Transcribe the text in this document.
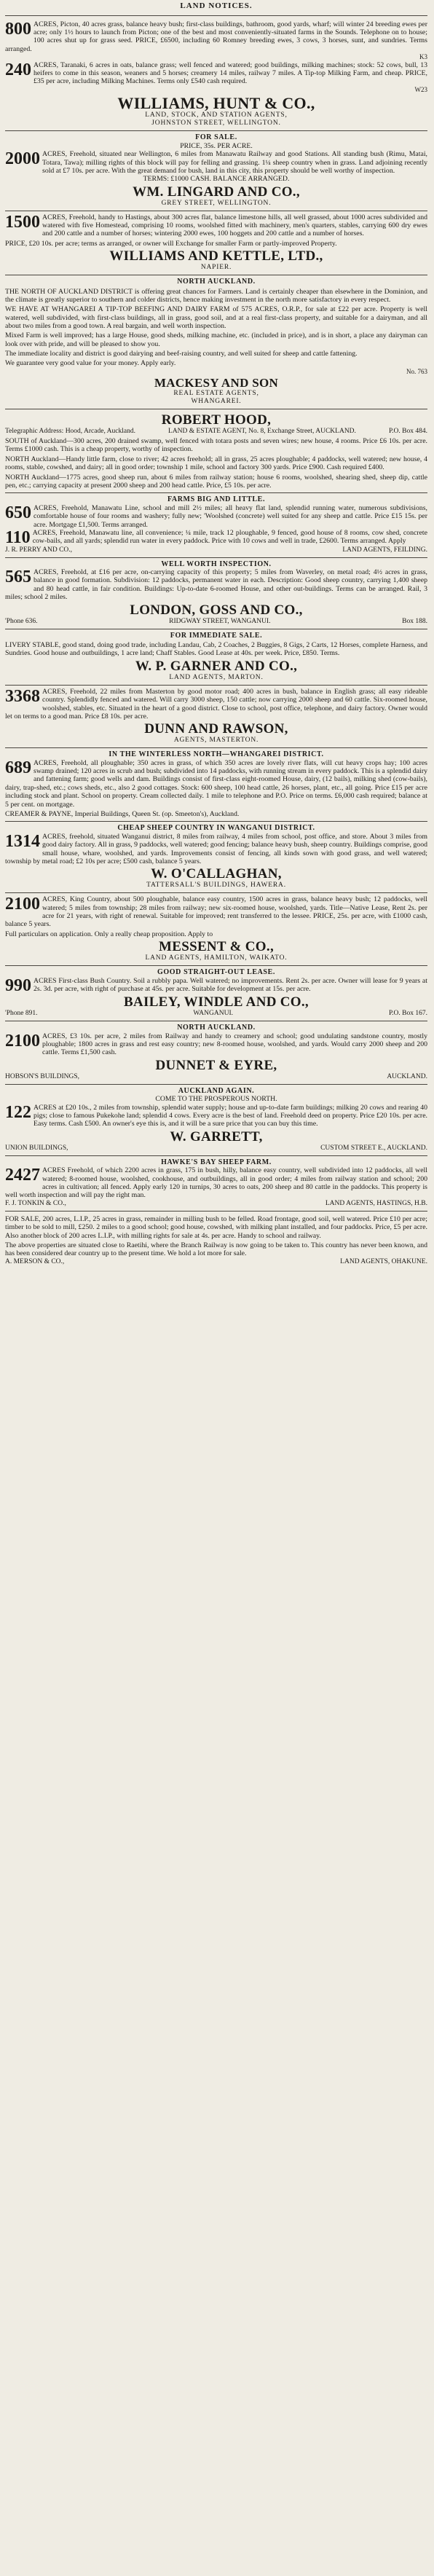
LAND NOTICES.
800 ACRES, Picton, 40 acres grass, balance heavy bush; first-class buildings, bathroom, good yards, wharf; will winter 24 breeding ewes per acre; only 1½ hours to launch from Picton; one of the best and most conveniently-situated farms in the Sounds. Telephone on to house; 100 acres shut up for grass seed. PRICE, £6500, including 60 Romney breeding ewes, 3 cows, 3 horses, sunt, and sundries. Terms arranged.
K3
240 ACRES, Taranaki, 6 acres in oats, balance grass; well fenced and watered; good buildings, milking machines; stock: 52 cows, bull, 13 heifers to come in this season, weaners and 5 horses; creamery 14 miles, railway 7 miles. A Tip-top Milking Farm, and cheap. PRICE, £35 per acre, including Milking Machines. Terms only £540 cash required.
W23
WILLIAMS, HUNT & CO.,
LAND, STOCK, AND STATION AGENTS,
JOHNSTON STREET, WELLINGTON.
FOR SALE.
PRICE, 35s. PER ACRE.
2000 ACRES, Freehold, situated near Wellington, 6 miles from Manawatu Railway and good Stations. All standing bush (Rimu, Matai, Totara, Tawa); milling rights of this block will pay for felling and grassing. 1¼ sheep country when in grass. Land adjoining recently sold at £7 10s. per acre. With the great demand for bush, land in this city, this property should be well worthy of inspection.
TERMS: £1000 CASH. BALANCE ARRANGED.
WM. LINGARD AND CO.,
GREY STREET, WELLINGTON.
1500 ACRES, Freehold, handy to Hastings, about 300 acres flat, balance limestone hills, all well grassed, about 1000 acres subdivided and watered with five Homestead, comprising 10 rooms, woolshed fitted with machinery, men's quarters, stables, carrying 600 dry ewes and 200 cattle and a number of horses; wintering 2000 ewes, 100 hoggets and 200 cattle and a number of horses.
PRICE, £20 10s. per acre; terms as arranged, or owner will Exchange for smaller Farm or partly-improved Property.
WILLIAMS AND KETTLE, LTD.,
NAPIER.
NORTH AUCKLAND.
THE NORTH OF AUCKLAND DISTRICT is offering great chances for Farmers. Land is certainly cheaper than elsewhere in the Dominion, and the climate is greatly superior to southern and colder districts, hence making investment in the north more satisfactory in every respect.
WE HAVE AT WHANGAREI A TIP-TOP BEEFING AND DAIRY FARM of 575 ACRES, O.R.P., for sale at £22 per acre. Property is well watered, well subdivided, with first-class buildings, all in grass, good soil, and at a real first-class property, and suitable for a dairyman, and all about two miles from a good town. A real bargain, and well worth inspection.
Mixed Farm is well improved; has a large House, good sheds, milking machine, etc. (included in price), and is in short, a place any dairyman can look over with pride, and will be pleased to show you.
The immediate locality and district is good dairying and beef-raising country, and well suited for sheep and cattle fattening.
We guarantee very good value for your money. Apply early.
No. 763
MACKESY AND SON
REAL ESTATE AGENTS,
WHANGAREI.
ROBERT HOOD,
Telegraphic Address: Hood, Arcade, Auckland.	LAND & ESTATE AGENT, No. 8, Exchange Street, AUCKLAND.	P.O. Box 484.
SOUTH of Auckland—300 acres, 200 drained swamp, well fenced with totara posts and seven wires; new house, 4 rooms. Price £6 10s. per acre. Terms £1000 cash. This is a cheap property, worthy of inspection.
NORTH Auckland—Handy little farm, close to river; 42 acres freehold; all in grass, 25 acres ploughable; 4 paddocks, well watered; new house, 4 rooms, stable, cowshed, and dairy; all in good order; township 1 mile, school and factory 300 yards. Price £900. Cash required £400.
NORTH Auckland—1775 acres, good sheep run, about 6 miles from railway station; house 6 rooms, woolshed, shearing shed, sheep dip, cattle pen, etc.; carrying capacity at present 2000 sheep and 200 head cattle. Price, £5 10s. per acre.
FARMS BIG AND LITTLE.
650 ACRES, Freehold, Manawatu Line, school and mill 2½ miles; all heavy flat land, splendid running water, numerous subdivisions, comfortable house of four rooms and washery; fully new; 'Woolshed (concrete) well suited for any sheep and cattle. Price £15 15s. per acre. Mortgage £1,500. Terms arranged.
110 ACRES, Freehold, Manawatu line, all convenience; ¼ mile, track 12 ploughable, 9 fenced, good house of 8 rooms, cow shed, concrete cow-bails, and all yards; splendid run water in every paddock. Price with 10 cows and well in trade, £2600. Terms arranged. Apply
J. R. PERRY AND CO.,	LAND AGENTS, FEILDING.
WELL WORTH INSPECTION.
565 ACRES, Freehold, at £16 per acre, on-carrying capacity of this property; 5 miles from Waverley, on metal road; 4½ acres in grass, balance in good formation. Subdivision: 12 paddocks, permanent water in each. Description: Good sheep country, carrying 1,400 sheep and 80 head cattle, in fair condition. Buildings: Up-to-date 6-roomed House, and other out-buildings. Terms can be arranged. Rail, 3 miles; school 2 miles.
LONDON, GOSS AND CO.,
'Phone 636.	RIDGWAY STREET, WANGANUI.	Box 188.
FOR IMMEDIATE SALE.
LIVERY STABLE, good stand, doing good trade, including Landau, Cab, 2 Coaches, 2 Buggies, 8 Gigs, 2 Carts, 12 Horses, complete Harness, and Sundries. Good house and outbuildings, 1 acre land; Chaff Stables. Good Lease at 40s. per week. Price, £850. Terms.
W. P. GARNER AND CO.,
LAND AGENTS, MARTON.
3368 ACRES, Freehold, 22 miles from Masterton by good motor road; 400 acres in bush, balance in English grass; all easy rideable country. Splendidly fenced and watered. Will carry 3000 sheep, 150 cattle; now carrying 2000 sheep and 60 cattle. Six-roomed house, woolshed, stables, etc. Situated in the heart of a good district. Close to school, post office, telephone, and dairy factory. Owner would let on terms to a good man. Price £8 10s. per acre.
DUNN AND RAWSON,
AGENTS, MASTERTON.
IN THE WINTERLESS NORTH—WHANGAREI DISTRICT.
689 ACRES, Freehold, all ploughable; 350 acres in grass, of which 350 acres are lovely river flats, will cut heavy crops hay; 100 acres swamp drained; 120 acres in scrub and bush; subdivided into 14 paddocks, with running stream in every paddock. This is a splendid dairy and fattening farm; good wells and dam. Buildings consist of first-class eight-roomed House, dairy, (12 bails), milking shed (cow-bails), dairy, trap-shed, etc.; cows sheds, etc., also 2 good cottages. Stock: 600 sheep, 100 head cattle, 26 horses, plant, etc., all going. Price £15 per acre including stock and plant. School on property. Cream collected daily. 1 mile to telephone and P.O. Price on terms. £6,000 cash required; balance at 5 per cent. on mortgage.
CREAMER & PAYNE, Imperial Buildings, Queen St. (op. Smeeton's), Auckland.
CHEAP SHEEP COUNTRY IN WANGANUI DISTRICT.
1314 ACRES, freehold, situated Wanganui district, 8 miles from railway, 4 miles from school, post office, and store. About 3 miles from good dairy factory. All in grass, 9 paddocks, well watered; good fencing; balance heavy bush, sheep country. Buildings comprise, good small house, whare, woolshed, and yards. Improvements consist of fencing, all kinds sown with good grass, and well watered; township by metal road; £2 10s per acre; £500 cash, balance 5 years.
W. O'CALLAGHAN,
TATTERSALL'S BUILDINGS, HAWERA.
2100 ACRES, King Country, about 500 ploughable, balance easy country, 1500 acres in grass, balance heavy bush; 12 paddocks, well watered; 5 miles from township; 28 miles from railway; new six-roomed house, woolshed, yards. Title—Native Lease, Rent 2s. per acre for 21 years, with right of renewal. Suitable for improved; rent transferred to the lessee. PRICE, 25s. per acre, with £1000 cash, balance 5 years.
Full particulars on application. Only a really cheap proposition. Apply to
MESSENT & CO.,
LAND AGENTS, HAMILTON, WAIKATO.
GOOD STRAIGHT-OUT LEASE.
990 ACRES First-class Bush Country. Soil a rubbly papa. Well watered; no improvements. Rent 2s. per acre. Owner will lease for 9 years at 2s. 3d. per acre, with right of purchase at 45s. per acre. Suitable for development at 15s. per acre.
BAILEY, WINDLE AND CO.,
'Phone 891.	WANGANUI.	P.O. Box 167.
NORTH AUCKLAND.
2100 ACRES, £3 10s. per acre, 2 miles from Railway and handy to creamery and school; good undulating sandstone country, mostly ploughable; 1800 acres in grass and rest easy country; new 8-roomed house, woolshed, and yards. Would carry 2000 sheep and 200 cattle. Terms £1,500 cash.
DUNNET & EYRE,
HOBSON'S BUILDINGS,	AUCKLAND.
AUCKLAND AGAIN.
COME TO THE PROSPEROUS NORTH.
122 ACRES at £20 10s., 2 miles from township, splendid water supply; house and up-to-date farm buildings; milking 20 cows and rearing 40 pigs; close to famous Pukekohe land; splendid 4 cows. Every acre is the best of land. Freehold deed on property. Price £20 10s. per acre. Easy terms. Cash £500. An owner's eye this is, and it will be a sure price that you can buy this time.
W. GARRETT,
UNION BUILDINGS,	CUSTOM STREET E., AUCKLAND.
HAWKE'S BAY SHEEP FARM.
2427 ACRES Freehold, of which 2200 acres in grass, 175 in bush, hilly, balance easy country, well subdivided into 12 paddocks, all well watered; 8-roomed house, woolshed, cookhouse, and outbuildings, all in good order; 4 miles from railway station and school; 200 acres in cultivation; all fenced. Apply early 120 in turnips, 30 acres to oats, 200 sheep and 80 cattle in the paddocks. This property is well worth inspection and will pay the right man.
F. J. TONKIN & CO.,	LAND AGENTS, HASTINGS, H.B.
FOR SALE, 200 acres, L.I.P., 25 acres in grass, remainder in milling bush to be felled. Road frontage, good soil, well watered. Price £10 per acre; timber to be sold to mill, £250. 2 miles to a good school; good house, cowshed, with milking plant installed, and four paddocks. Price, £5 per acre. Also another block of 200 acres L.I.P., with milling rights for sale at 4s. per acre. Handy to school and railway.
The above properties are situated close to Raetihi, where the Branch Railway is now going to be taken to. This country has never been known, and has been considered dear country up to the present time. We hold a lot more for sale.
A. MERSON & CO.,	LAND AGENTS, OHAKUNE.
